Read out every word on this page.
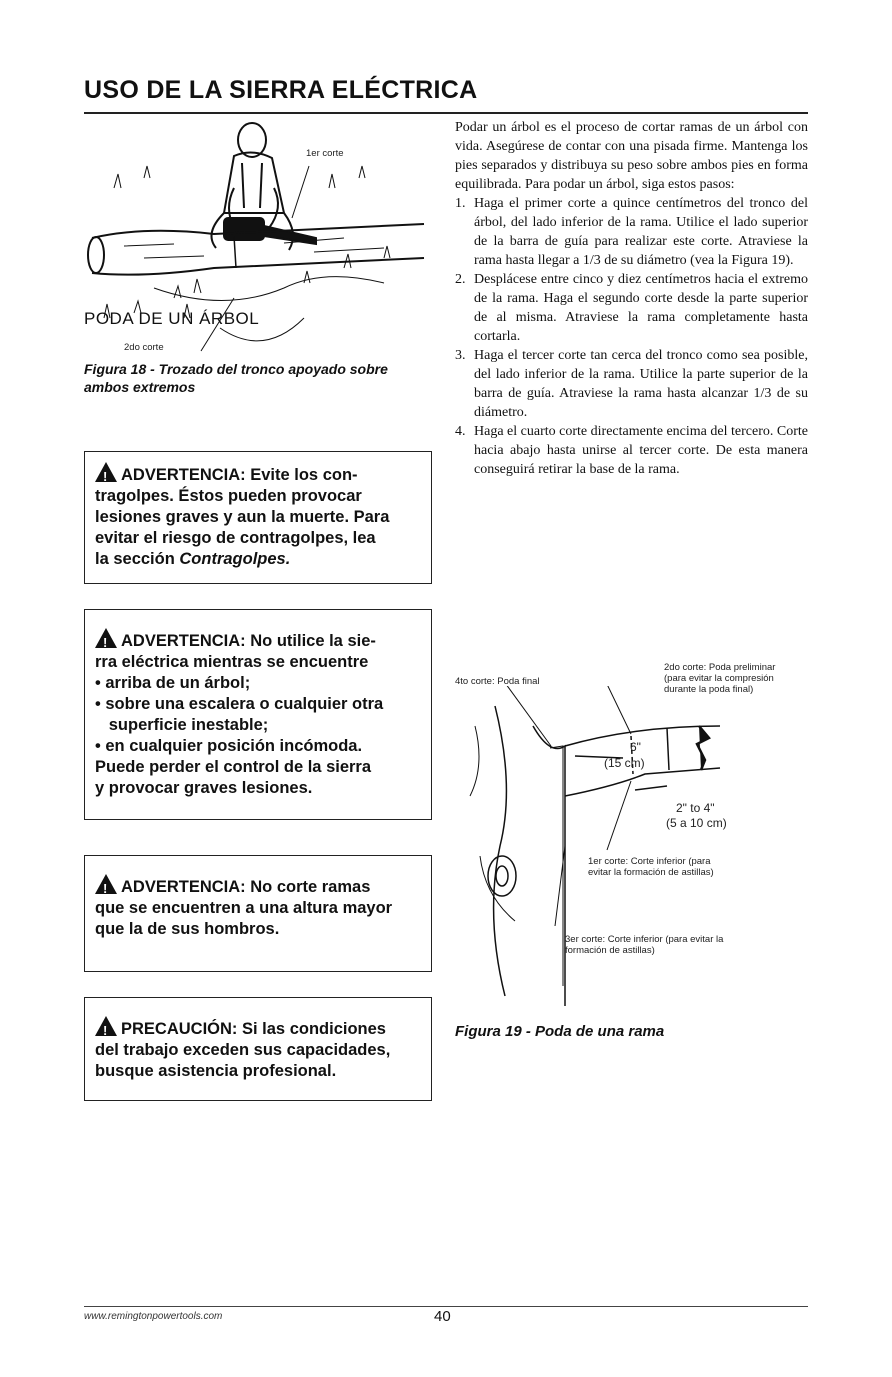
USO DE LA SIERRA ELÉCTRICA
1er corte
2do corte
Figura 18 - Trozado del tronco apoyado sobre ambos extremos
PODA DE UN ÁRBOL
!ADVERTENCIA: Evite los con-
tragolpes. Éstos pueden provocar
lesiones graves y aun la muerte. Para
evitar el riesgo de contragolpes, lea
la sección Contragolpes.
!ADVERTENCIA: No utilice la sie-
rra eléctrica mientras se encuentre
• arriba de un árbol;
• sobre una escalera o cualquier otra
superficie inestable;
• en cualquier posición incómoda.
Puede perder el control de la sierra
y provocar graves lesiones.
!ADVERTENCIA: No corte ramas
que se encuentren a una altura mayor
que la de sus hombros.
!PRECAUCIÓN: Si las condiciones
del trabajo exceden sus capacidades,
busque asistencia profesional.

Podar un árbol es el proceso de cortar ramas de un árbol con vida. Asegúrese de contar con una pisada firme. Mantenga los pies separados y distribuya su peso sobre ambos pies en forma equilibrada. Para podar un árbol, siga estos pasos:

1. Haga el primer corte a quince centímetros del tronco del árbol, del lado inferior de la rama. Utilice el lado superior de la barra de guía para realizar este corte. Atraviese la rama hasta llegar a 1/3 de su diámetro (vea la Figura 19).
2. Desplácese entre cinco y diez centímetros hacia el extremo de la rama. Haga el segundo corte desde la parte superior de al misma. Atraviese la rama completamente hasta cortarla.
3. Haga el tercer corte tan cerca del tronco como sea posible, del lado inferior de la rama. Utilice la parte superior de la barra de guía. Atraviese la rama hasta alcanzar 1/3 de su diámetro.
4. Haga el cuarto corte directamente encima del tercero. Corte hacia abajo hasta unirse al tercer corte. De esta manera conseguirá retirar la base de la rama.
2do corte: Poda preliminar
(para evitar la compresión
durante la poda final)
4to corte: Poda final
6"
(15 cm)
2" to 4"
(5 a 10 cm)
1er corte: Corte inferior (para
evitar la formación de astillas)
3er corte: Corte inferior (para evitar la
formación de astillas)
Figura 19 - Poda de una rama
www.remingtonpowertools.com	40
